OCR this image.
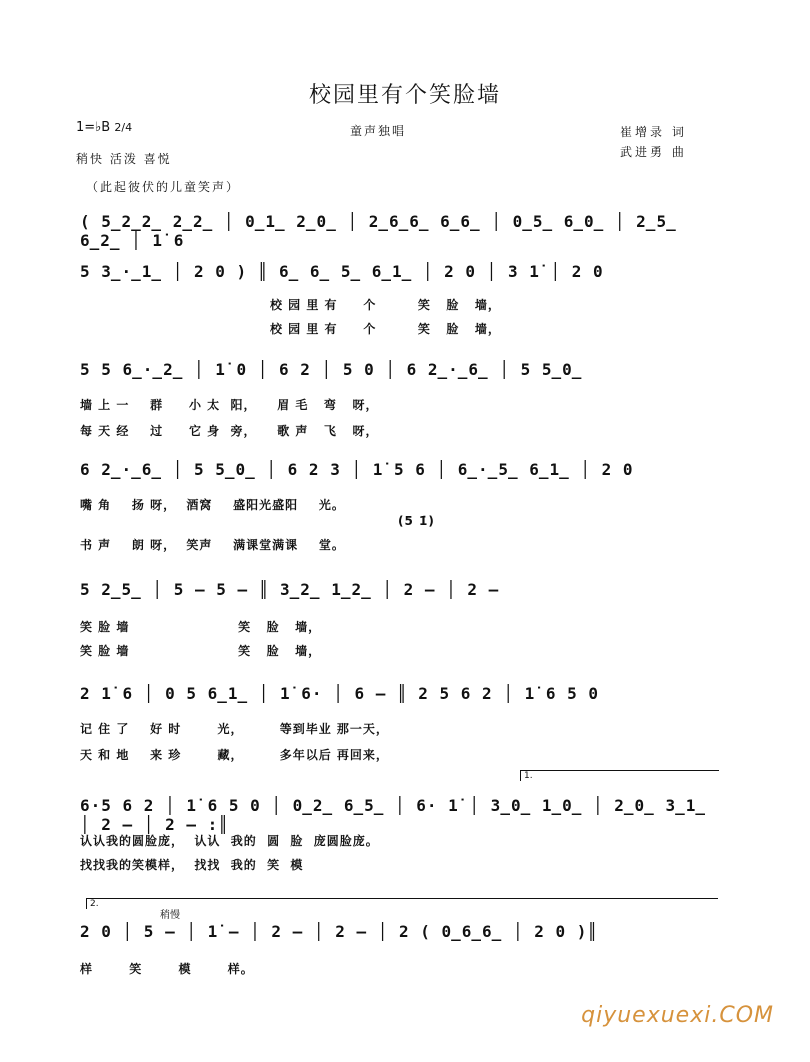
校园里有个笑脸墙
1=♭B 2/4
稍快 活泼 喜悦
童声独唱	崔增录 词
武进勇 曲
（此起彼伏的儿童笑声）
( 5̲2̲2̲ 2̲2̲ │ 0̲1̲ 2̲0̲ │ 2̲6̲6̲ 6̲6̲ │ 0̲5̲ 6̲0̲ │ 2̲5̲ 6̲2̲ │ 1̇ 6
5 3̲·̲1̲ │ 2 0 ) ║ 6̲ 6̲ 5̲ 6̲1̲ │ 2 0 │ 3 1̇ │ 2 0
校 园 里 有     个        笑   脸   墙，
校 园 里 有     个        笑   脸   墙，
5 5 6̲·̲2̲ │ 1̇ 0 │ 6 2 │ 5 0 │ 6 2̲·̲6̲ │ 5 5̲0̲
墙 上 一    群     小 太  阳，    眉 毛   弯   呀，
每 天 经    过     它 身  旁，    歌 声   飞   呀，
6 2̲·̲6̲ │ 5 5̲0̲ │ 6 2 3 │ 1̇ 5 6 │ 6̲·̲5̲ 6̲1̲ │ 2 0
嘴 角    扬 呀，  酒窝    盛阳光盛阳    光。
(5 1̇)
书 声    朗 呀，  笑声    满课堂满课    堂。
5 2̲5̲ │ 5 – 5 – ║ 3̲2̲ 1̲2̲ │ 2 – │ 2 –
笑 脸 墙                     笑   脸   墙，
笑 脸 墙                     笑   脸   墙，
2 1̇ 6 │ 0 5 6̲1̲ │ 1̇ 6· │ 6 – ║ 2 5 6 2 │ 1̇ 6 5 0
记 住 了    好 时       光，       等到毕业 那一天，
天 和 地    来 珍       藏，       多年以后 再回来，
1.
6·5 6 2 │ 1̇ 6 5 0 │ 0̲2̲ 6̲5̲ │ 6· 1̇ │ 3̲0̲ 1̲0̲ │ 2̲0̲ 3̲1̲ │ 2 – │ 2 – :║
认认我的圆脸庞，  认认  我的  圆  脸  庞圆脸庞。
找找我的笑模样，  找找  我的  笑  模
2.
稍慢
2 0 │ 5 – │ 1̇ – │ 2 – │ 2 – │ 2 ( 0̲6̲6̲ │ 2 0 )║
样       笑       模       样。
qiyuexuexi.COM
